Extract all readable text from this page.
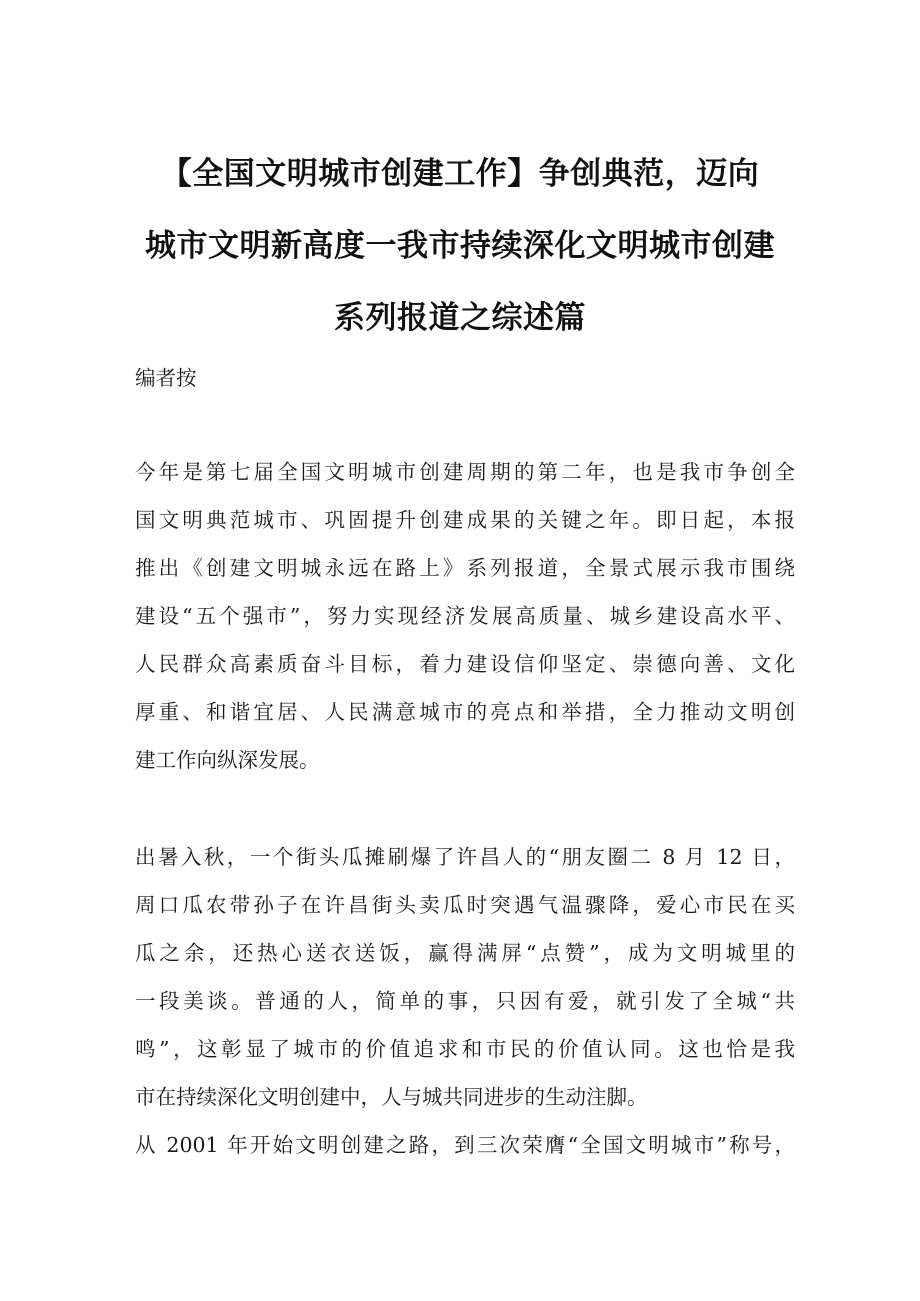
【全国文明城市创建工作】争创典范，迈向
城市文明新高度一我市持续深化文明城市创建
系列报道之综述篇
编者按
今年是第七届全国文明城市创建周期的第二年，也是我市争创全
国文明典范城市、巩固提升创建成果的关键之年。即日起，本报
推出《创建文明城永远在路上》系列报道，全景式展示我市围绕
建设“五个强市”，努力实现经济发展高质量、城乡建设高水平、
人民群众高素质奋斗目标，着力建设信仰坚定、崇德向善、文化
厚重、和谐宜居、人民满意城市的亮点和举措，全力推动文明创
建工作向纵深发展。
出暑入秋，一个街头瓜摊刷爆了许昌人的“朋友圈二 8 月 12 日，
周口瓜农带孙子在许昌街头卖瓜时突遇气温骤降，爱心市民在买
瓜之余，还热心送衣送饭，赢得满屏“点赞”，成为文明城里的
一段美谈。普通的人，简单的事，只因有爱，就引发了全城“共
鸣”，这彰显了城市的价值追求和市民的价值认同。这也恰是我
市在持续深化文明创建中，人与城共同进步的生动注脚。
从 2001 年开始文明创建之路，到三次荣膺“全国文明城市”称号，
